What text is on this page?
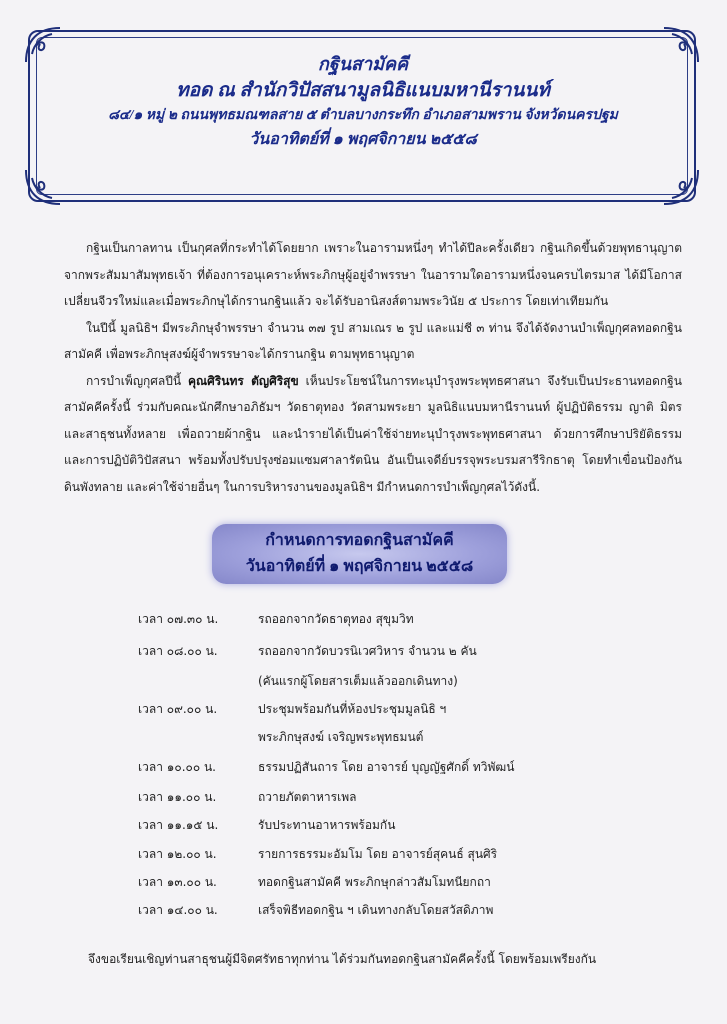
กฐินสามัคคี
ทอด ณ สำนักวิปัสสนามูลนิธิแนบมหานีรานนท์
๘๔/๑ หมู่ ๒ ถนนพุทธมณฑลสาย ๕ ตำบลบางกระทึก อำเภอสามพราน จังหวัดนครปฐม
วันอาทิตย์ที่ ๑ พฤศจิกายน ๒๕๕๘

กฐินเป็นกาลทาน เป็นกุศลที่กระทำได้โดยยาก เพราะในอารามหนึ่งๆ ทำได้ปีละครั้งเดียว กฐินเกิดขึ้นด้วยพุทธานุญาตจากพระสัมมาสัมพุทธเจ้า ที่ต้องการอนุเคราะห์พระภิกษุผู้อยู่จำพรรษา ในอารามใดอารามหนึ่งจนครบไตรมาส ได้มีโอกาสเปลี่ยนจีวรใหม่และเมื่อพระภิกษุได้กรานกฐินแล้ว จะได้รับอานิสงส์ตามพระวินัย ๕ ประการ โดยเท่าเทียมกัน

ในปีนี้ มูลนิธิฯ มีพระภิกษุจำพรรษา จำนวน ๓๗ รูป สามเณร ๒ รูป และแม่ชี ๓ ท่าน จึงได้จัดงานบำเพ็ญกุศลทอดกฐินสามัคคี เพื่อพระภิกษุสงฆ์ผู้จำพรรษาจะได้กรานกฐิน ตามพุทธานุญาต

การบำเพ็ญกุศลปีนี้ คุณศิรินทร ตัญศิริสุข เห็นประโยชน์ในการทะนุบำรุงพระพุทธศาสนา จึงรับเป็นประธานทอดกฐินสามัคคีครั้งนี้ ร่วมกับคณะนักศึกษาอภิธัมฯ วัดธาตุทอง วัดสามพระยา มูลนิธิแนบมหานีรานนท์ ผู้ปฏิบัติธรรม ญาติ มิตร และสาธุชนทั้งหลาย เพื่อถวายผ้ากฐิน และนำรายได้เป็นค่าใช้จ่ายทะนุบำรุงพระพุทธศาสนา ด้วยการศึกษาปริยัติธรรม และการปฏิบัติวิปัสสนา พร้อมทั้งปรับปรุงซ่อมแซมศาลารัตนิน อันเป็นเจดีย์บรรจุพระบรมสารีริกธาตุ โดยทำเขื่อนป้องกันดินพังทลาย และค่าใช้จ่ายอื่นๆ ในการบริหารงานของมูลนิธิฯ มีกำหนดการบำเพ็ญกุศลไว้ดังนี้.

กำหนดการทอดกฐินสามัคคี
วันอาทิตย์ที่ ๑ พฤศจิกายน ๒๕๕๘
เวลา ๐๗.๓๐ น.	รถออกจากวัดธาตุทอง สุขุมวิท
เวลา ๐๘.๐๐ น.	รถออกจากวัดบวรนิเวศวิหาร จำนวน ๒ คัน
(คันแรกผู้โดยสารเต็มแล้วออกเดินทาง)
เวลา ๐๙.๐๐ น.	ประชุมพร้อมกันที่ห้องประชุมมูลนิธิ ฯ
พระภิกษุสงฆ์ เจริญพระพุทธมนต์
เวลา ๑๐.๐๐ น.	ธรรมปฏิสันถาร โดย อาจารย์ บุญญัฐศักดิ์ ทวิพัฒน์
เวลา ๑๑.๐๐ น.	ถวายภัตตาหารเพล
เวลา ๑๑.๑๕ น.	รับประทานอาหารพร้อมกัน
เวลา ๑๒.๐๐ น.	รายการธรรมะอัมโม โดย อาจารย์สุคนธ์ สุนศิริ
เวลา ๑๓.๐๐ น.	ทอดกฐินสามัคคี พระภิกษุกล่าวสัมโมทนียกถา
เวลา ๑๔.๐๐ น.	เสร็จพิธีทอดกฐิน ฯ เดินทางกลับโดยสวัสดิภาพ
จึงขอเรียนเชิญท่านสาธุชนผู้มีจิตศรัทธาทุกท่าน ได้ร่วมกันทอดกฐินสามัคคีครั้งนี้ โดยพร้อมเพรียงกัน
